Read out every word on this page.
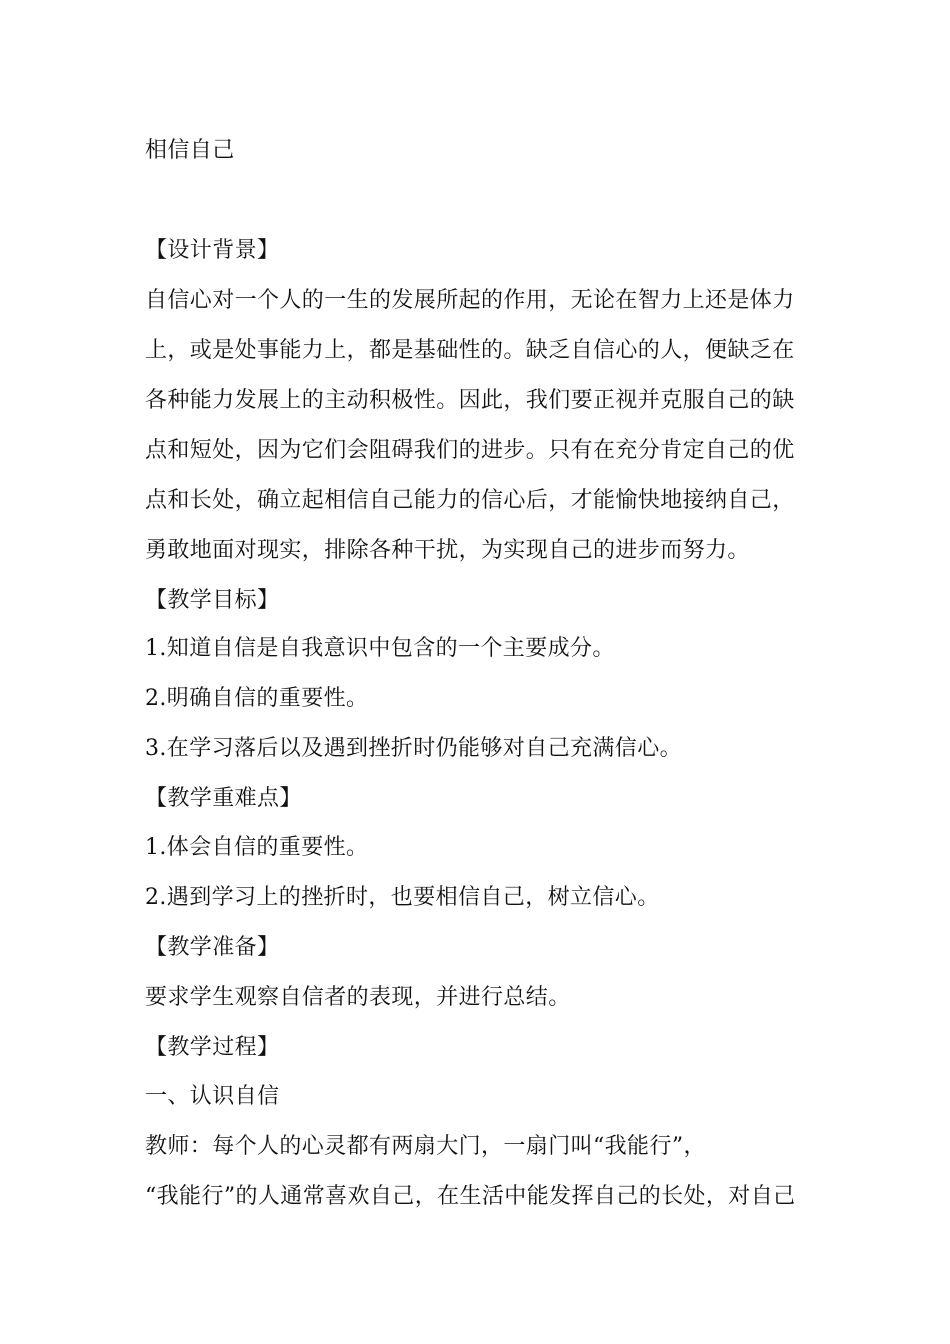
相信自己
【设计背景】
自信心对一个人的一生的发展所起的作用，无论在智力上还是体力
上，或是处事能力上，都是基础性的。缺乏自信心的人，便缺乏在
各种能力发展上的主动积极性。因此，我们要正视并克服自己的缺
点和短处，因为它们会阻碍我们的进步。只有在充分肯定自己的优
点和长处，确立起相信自己能力的信心后，才能愉快地接纳自己，
勇敢地面对现实，排除各种干扰，为实现自己的进步而努力。
【教学目标】
1.知道自信是自我意识中包含的一个主要成分。
2.明确自信的重要性。
3.在学习落后以及遇到挫折时仍能够对自己充满信心。
【教学重难点】
1.体会自信的重要性。
2.遇到学习上的挫折时，也要相信自己，树立信心。
【教学准备】
要求学生观察自信者的表现，并进行总结。
【教学过程】
一、认识自信
教师：每个人的心灵都有两扇大门，一扇门叫“我能行”，
“我能行”的人通常喜欢自己，在生活中能发挥自己的长处，对自己
